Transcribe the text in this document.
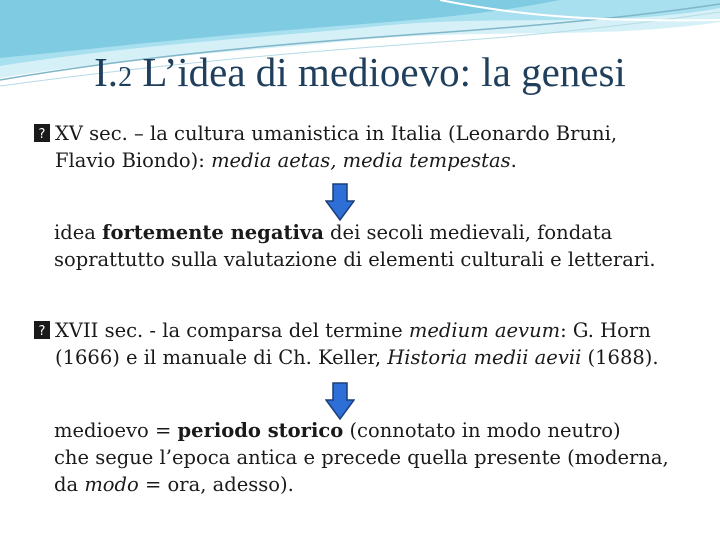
I.2 L’idea di medioevo: la genesi
? XV sec. – la cultura umanistica in Italia (Leonardo Bruni,
Flavio Biondo): media aetas, media tempestas.
idea fortemente negativa dei secoli medievali, fondata
soprattutto sulla valutazione di elementi culturali e letterari.
? XVII sec. - la comparsa del termine medium aevum: G. Horn
(1666) e il manuale di Ch. Keller, Historia medii aevii (1688).
medioevo = periodo storico (connotato in modo neutro)
che segue l’epoca antica e precede quella presente (moderna,
da modo = ora, adesso).
